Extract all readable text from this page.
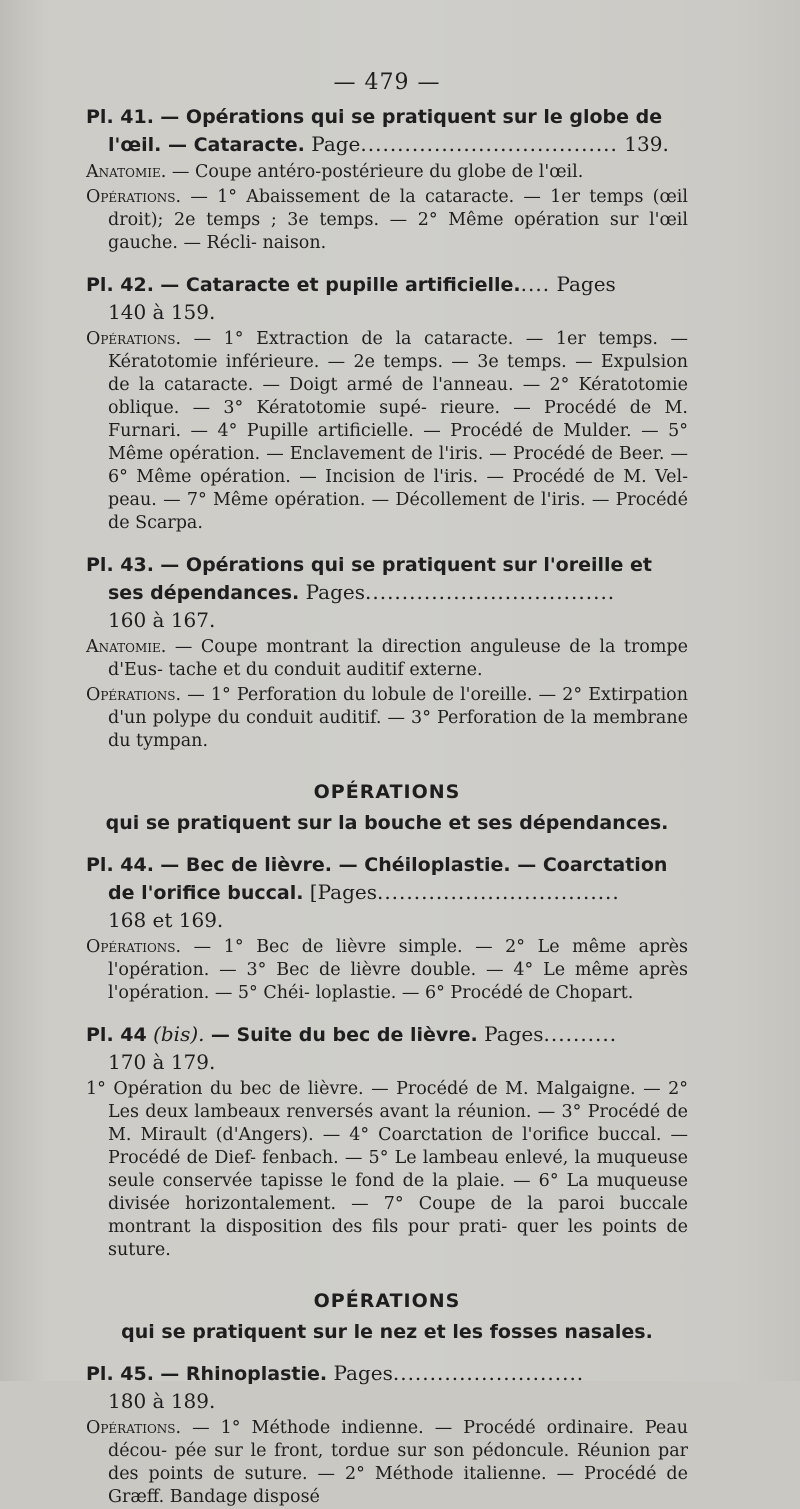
— 479 —

Pl. 41. — Opérations qui se pratiquent sur le globe de l'œil. — Cataracte. Page................................... 139.

Anatomie. — Coupe antéro-postérieure du globe de l'œil.

Opérations. — 1° Abaissement de la cataracte. — 1er temps (œil droit); 2e temps ; 3e temps. — 2° Même opération sur l'œil gauche. — Récli- naison.

Pl. 42. — Cataracte et pupille artificielle..... Pages 140 à 159.

Opérations. — 1° Extraction de la cataracte. — 1er temps. — Kératotomie inférieure. — 2e temps. — 3e temps. — Expulsion de la cataracte. — Doigt armé de l'anneau. — 2° Kératotomie oblique. — 3° Kératotomie supé- rieure. — Procédé de M. Furnari. — 4° Pupille artificielle. — Procédé de Mulder. — 5° Même opération. — Enclavement de l'iris. — Procédé de Beer. — 6° Même opération. — Incision de l'iris. — Procédé de M. Vel- peau. — 7° Même opération. — Décollement de l'iris. — Procédé de Scarpa.

Pl. 43. — Opérations qui se pratiquent sur l'oreille et ses dépendances. Pages.................................. 160 à 167.

Anatomie. — Coupe montrant la direction anguleuse de la trompe d'Eus- tache et du conduit auditif externe.

Opérations. — 1° Perforation du lobule de l'oreille. — 2° Extirpation d'un polype du conduit auditif. — 3° Perforation de la membrane du tympan.

OPÉRATIONS
qui se pratiquent sur la bouche et ses dépendances.

Pl. 44. — Bec de lièvre. — Chéiloplastie. — Coarctation de l'orifice buccal. [Pages................................. 168 et 169.

Opérations. — 1° Bec de lièvre simple. — 2° Le même après l'opération. — 3° Bec de lièvre double. — 4° Le même après l'opération. — 5° Chéi- loplastie. — 6° Procédé de Chopart.

Pl. 44 (bis). — Suite du bec de lièvre. Pages.......... 170 à 179.

1° Opération du bec de lièvre. — Procédé de M. Malgaigne. — 2° Les deux lambeaux renversés avant la réunion. — 3° Procédé de M. Mirault (d'Angers). — 4° Coarctation de l'orifice buccal. — Procédé de Dief- fenbach. — 5° Le lambeau enlevé, la muqueuse seule conservée tapisse le fond de la plaie. — 6° La muqueuse divisée horizontalement. — 7° Coupe de la paroi buccale montrant la disposition des fils pour prati- quer les points de suture.

OPÉRATIONS
qui se pratiquent sur le nez et les fosses nasales.

Pl. 45. — Rhinoplastie. Pages.......................... 180 à 189.

Opérations. — 1° Méthode indienne. — Procédé ordinaire. Peau décou- pée sur le front, tordue sur son pédoncule. Réunion par des points de suture. — 2° Méthode italienne. — Procédé de Græff. Bandage disposé
